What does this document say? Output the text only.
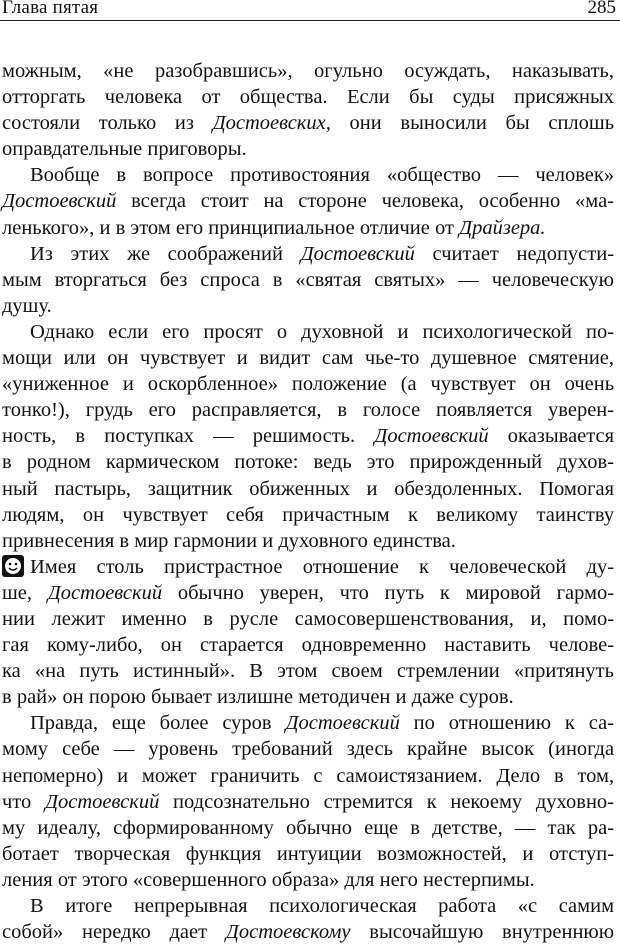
Глава пятая	285
можным, «не разобравшись», огульно осуждать, наказывать,
отторгать человека от общества. Если бы суды присяжных
состояли только из Достоевских, они выносили бы сплошь
оправдательные приговоры.
Вообще в вопросе противостояния «общество — человек»
Достоевский всегда стоит на стороне человека, особенно «ма-
ленького», и в этом его принципиальное отличие от Драйзера.
Из этих же соображений Достоевский считает недопусти-
мым вторгаться без спроса в «святая святых» — человеческую
душу.
Однако если его просят о духовной и психологической по-
мощи или он чувствует и видит сам чье-то душевное смятение,
«униженное и оскорбленное» положение (а чувствует он очень
тонко!), грудь его расправляется, в голосе появляется уверен-
ность, в поступках — решимость. Достоевский оказывается
в родном кармическом потоке: ведь это прирожденный духов-
ный пастырь, защитник обиженных и обездоленных. Помогая
людям, он чувствует себя причастным к великому таинству
привнесения в мир гармонии и духовного единства.
Имея столь пристрастное отношение к человеческой ду-
ше, Достоевский обычно уверен, что путь к мировой гармо-
нии лежит именно в русле самосовершенствования, и, помо-
гая кому-либо, он старается одновременно наставить челове-
ка «на путь истинный». В этом своем стремлении «притянуть
в рай» он порою бывает излишне методичен и даже суров.
Правда, еще более суров Достоевский по отношению к са-
мому себе — уровень требований здесь крайне высок (иногда
непомерно) и может граничить с самоистязанием. Дело в том,
что Достоевский подсознательно стремится к некоему духовно-
му идеалу, сформированному обычно еще в детстве, — так ра-
ботает творческая функция интуиции возможностей, и отступ-
ления от этого «совершенного образа» для него нестерпимы.
В итоге непрерывная психологическая работа «с самим
собой» нередко дает Достоевскому высочайшую внутреннюю
